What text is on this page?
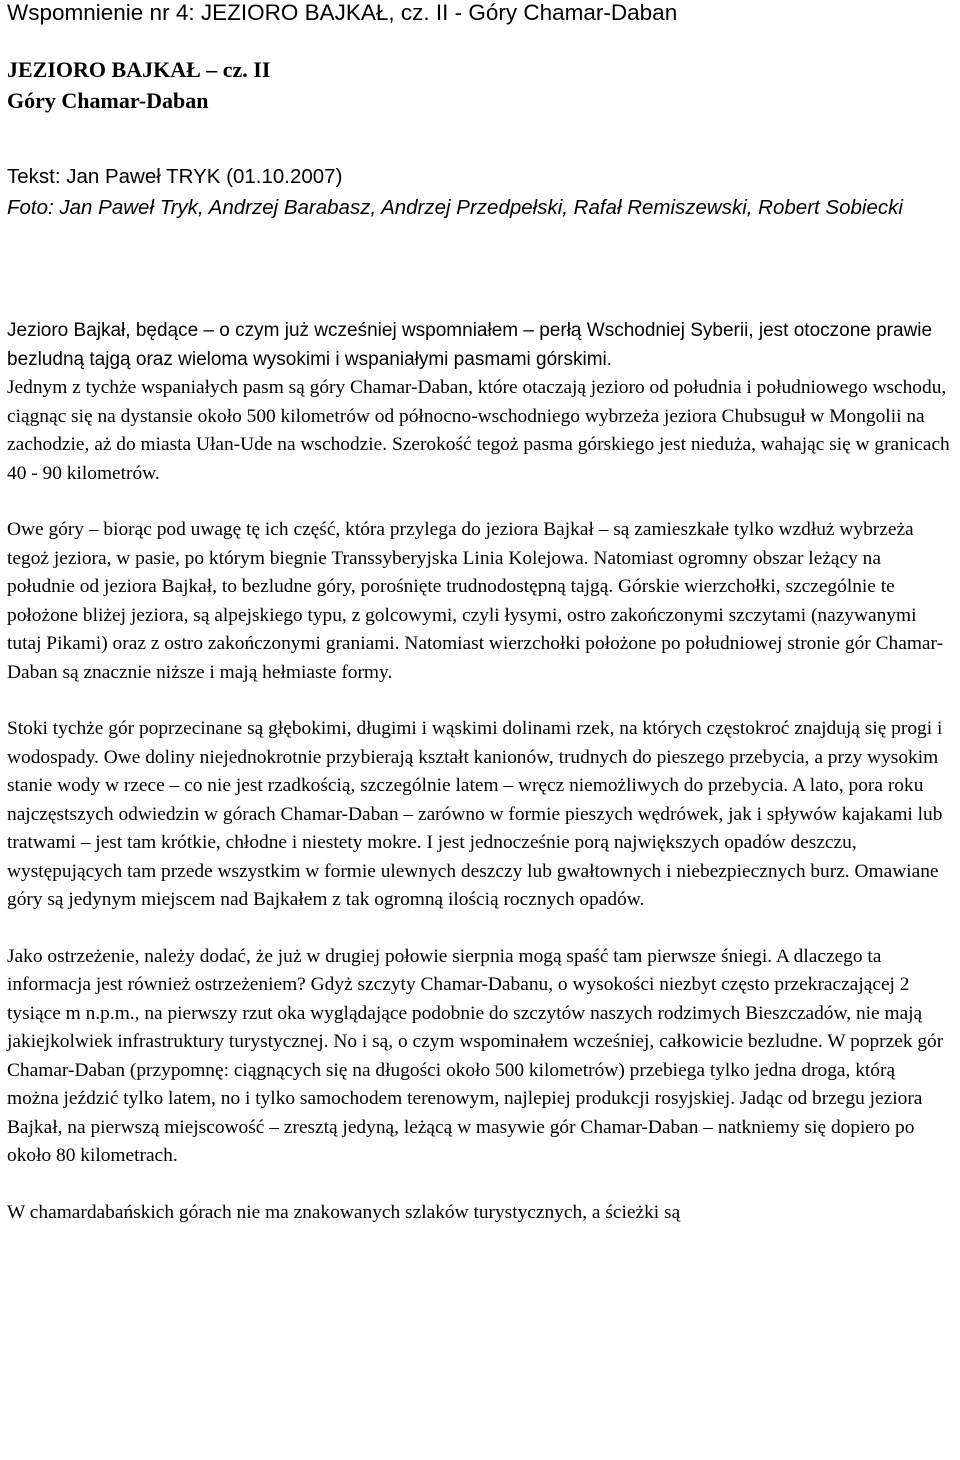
Wspomnienie nr 4: JEZIORO BAJKAŁ, cz. II - Góry Chamar-Daban
JEZIORO BAJKAŁ – cz. II
Góry Chamar-Daban
Tekst: Jan Paweł TRYK (01.10.2007)
Foto: Jan Paweł Tryk, Andrzej Barabasz, Andrzej Przedpełski, Rafał Remiszewski, Robert Sobiecki

Jezioro Bajkał, będące – o czym już wcześniej wspomniałem – perłą Wschodniej Syberii, jest otoczone prawie bezludną tajgą oraz wieloma wysokimi i wspaniałymi pasmami górskimi.

Jednym z tychże wspaniałych pasm są góry Chamar-Daban, które otaczają jezioro od południa i południowego wschodu, ciągnąc się na dystansie około 500 kilometrów od północno-wschodniego wybrzeża jeziora Chubsuguł w Mongolii na zachodzie, aż do miasta Ułan-Ude na wschodzie. Szerokość tegoż pasma górskiego jest nieduża, wahając się w granicach 40 - 90 kilometrów.

Owe góry – biorąc pod uwagę tę ich część, która przylega do jeziora Bajkał – są zamieszkałe tylko wzdłuż wybrzeża tegoż jeziora, w pasie, po którym biegnie Transsyberyjska Linia Kolejowa. Natomiast ogromny obszar leżący na południe od jeziora Bajkał, to bezludne góry, porośnięte trudnodostępną tajgą. Górskie wierzchołki, szczególnie te położone bliżej jeziora, są alpejskiego typu, z golcowymi, czyli łysymi, ostro zakończonymi szczytami (nazywanymi tutaj Pikami) oraz z ostro zakończonymi graniami. Natomiast wierzchołki położone po południowej stronie gór Chamar-Daban są znacznie niższe i mają hełmiaste formy.

Stoki tychże gór poprzecinane są głębokimi, długimi i wąskimi dolinami rzek, na których częstokroć znajdują się progi i wodospady. Owe doliny niejednokrotnie przybierają kształt kanionów, trudnych do pieszego przebycia, a przy wysokim stanie wody w rzece – co nie jest rzadkością, szczególnie latem – wręcz niemożliwych do przebycia. A lato, pora roku najczęstszych odwiedzin w górach Chamar-Daban – zarówno w formie pieszych wędrówek, jak i spływów kajakami lub tratwami – jest tam krótkie, chłodne i niestety mokre. I jest jednocześnie porą największych opadów deszczu, występujących tam przede wszystkim w formie ulewnych deszczy lub gwałtownych i niebezpiecznych burz. Omawiane góry są jedynym miejscem nad Bajkałem z tak ogromną ilością rocznych opadów.

Jako ostrzeżenie, należy dodać, że już w drugiej połowie sierpnia mogą spaść tam pierwsze śniegi. A dlaczego ta informacja jest również ostrzeżeniem? Gdyż szczyty Chamar-Dabanu, o wysokości niezbyt często przekraczającej 2 tysiące m n.p.m., na pierwszy rzut oka wyglądające podobnie do szczytów naszych rodzimych Bieszczadów, nie mają jakiejkolwiek infrastruktury turystycznej. No i są, o czym wspominałem wcześniej, całkowicie bezludne. W poprzek gór Chamar-Daban (przypomnę: ciągnących się na długości około 500 kilometrów) przebiega tylko jedna droga, którą można jeździć tylko latem, no i tylko samochodem terenowym, najlepiej produkcji rosyjskiej. Jadąc od brzegu jeziora Bajkał, na pierwszą miejscowość – zresztą jedyną, leżącą w masywie gór Chamar-Daban – natkniemy się dopiero po około 80 kilometrach.

W chamardabańskich górach nie ma znakowanych szlaków turystycznych, a ścieżki są
